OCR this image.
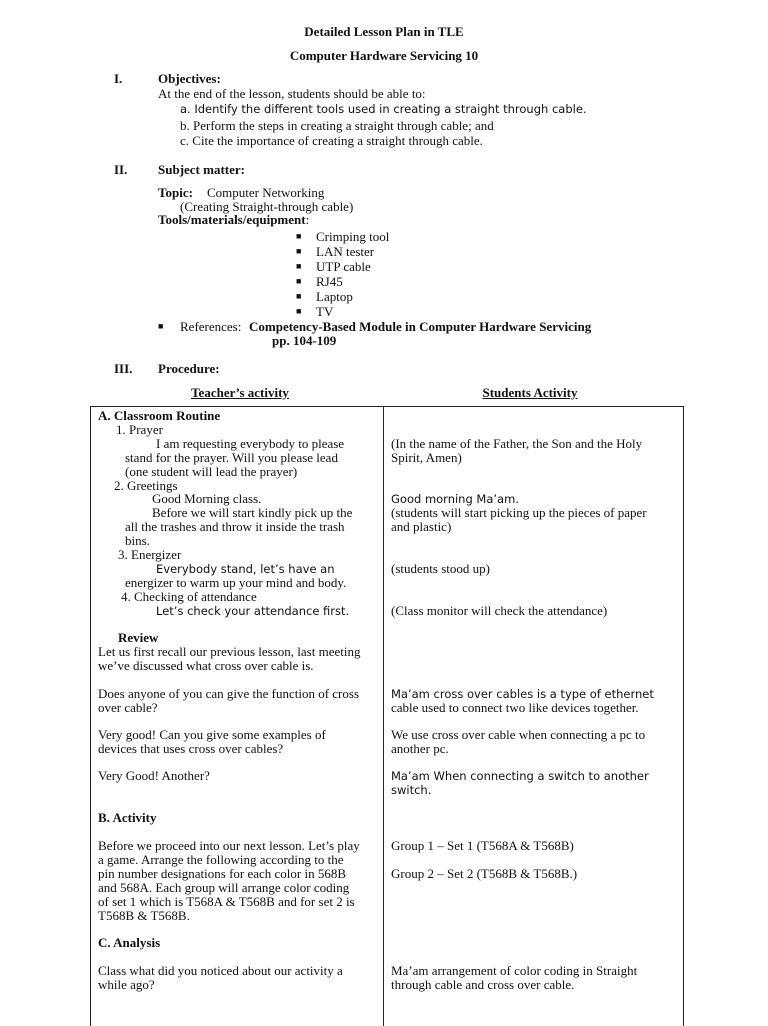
Detailed Lesson Plan in TLE
Computer Hardware Servicing 10
I.	Objectives:
At the end of the lesson, students should be able to:
a. Identify the different tools used in creating a straight through cable.
b. Perform the steps in creating a straight through cable; and
c. Cite the importance of creating a straight through cable.
II. Subject matter:
Topic: Computer Networking
(Creating Straight-through cable)
Tools/materials/equipment:
■ Crimping tool
■ LAN tester
■ UTP cable
■ RJ45
■ Laptop
■ TV
■ References: Competency-Based Module in Computer Hardware Servicing
pp. 104-109
III. Procedure:
Teacher’s activity	Students Activity
A. Classroom Routine
1. Prayer
I am requesting everybody to please
stand for the prayer. Will you please lead
(one student will lead the prayer)
2. Greetings
Good Morning class.
Before we will start kindly pick up the
all the trashes and throw it inside the trash
bins.
3. Energizer
Everybody stand, let’s have an
energizer to warm up your mind and body.
4. Checking of attendance
Let’s check your attendance first.
Review
Let us first recall our previous lesson, last meeting
we’ve discussed what cross over cable is.
Does anyone of you can give the function of cross
over cable?
Very good! Can you give some examples of
devices that uses cross over cables?
Very Good! Another?
B. Activity
Before we proceed into our next lesson. Let’s play
a game. Arrange the following according to the
pin number designations for each color in 568B
and 568A. Each group will arrange color coding
of set 1 which is T568A & T568B and for set 2 is
T568B & T568B.
C. Analysis
Class what did you noticed about our activity a
while ago?
(In the name of the Father, the Son and the Holy
Spirit, Amen)
Good morning Ma’am.
(students will start picking up the pieces of paper
and plastic)
(students stood up)
(Class monitor will check the attendance)
Ma’am cross over cables is a type of ethernet
cable used to connect two like devices together.
We use cross over cable when connecting a pc to
another pc.
Ma’am When connecting a switch to another
switch.
Group 1 – Set 1 (T568A & T568B)
Group 2 – Set 2 (T568B & T568B.)
Ma’am arrangement of color coding in Straight
through cable and cross over cable.
